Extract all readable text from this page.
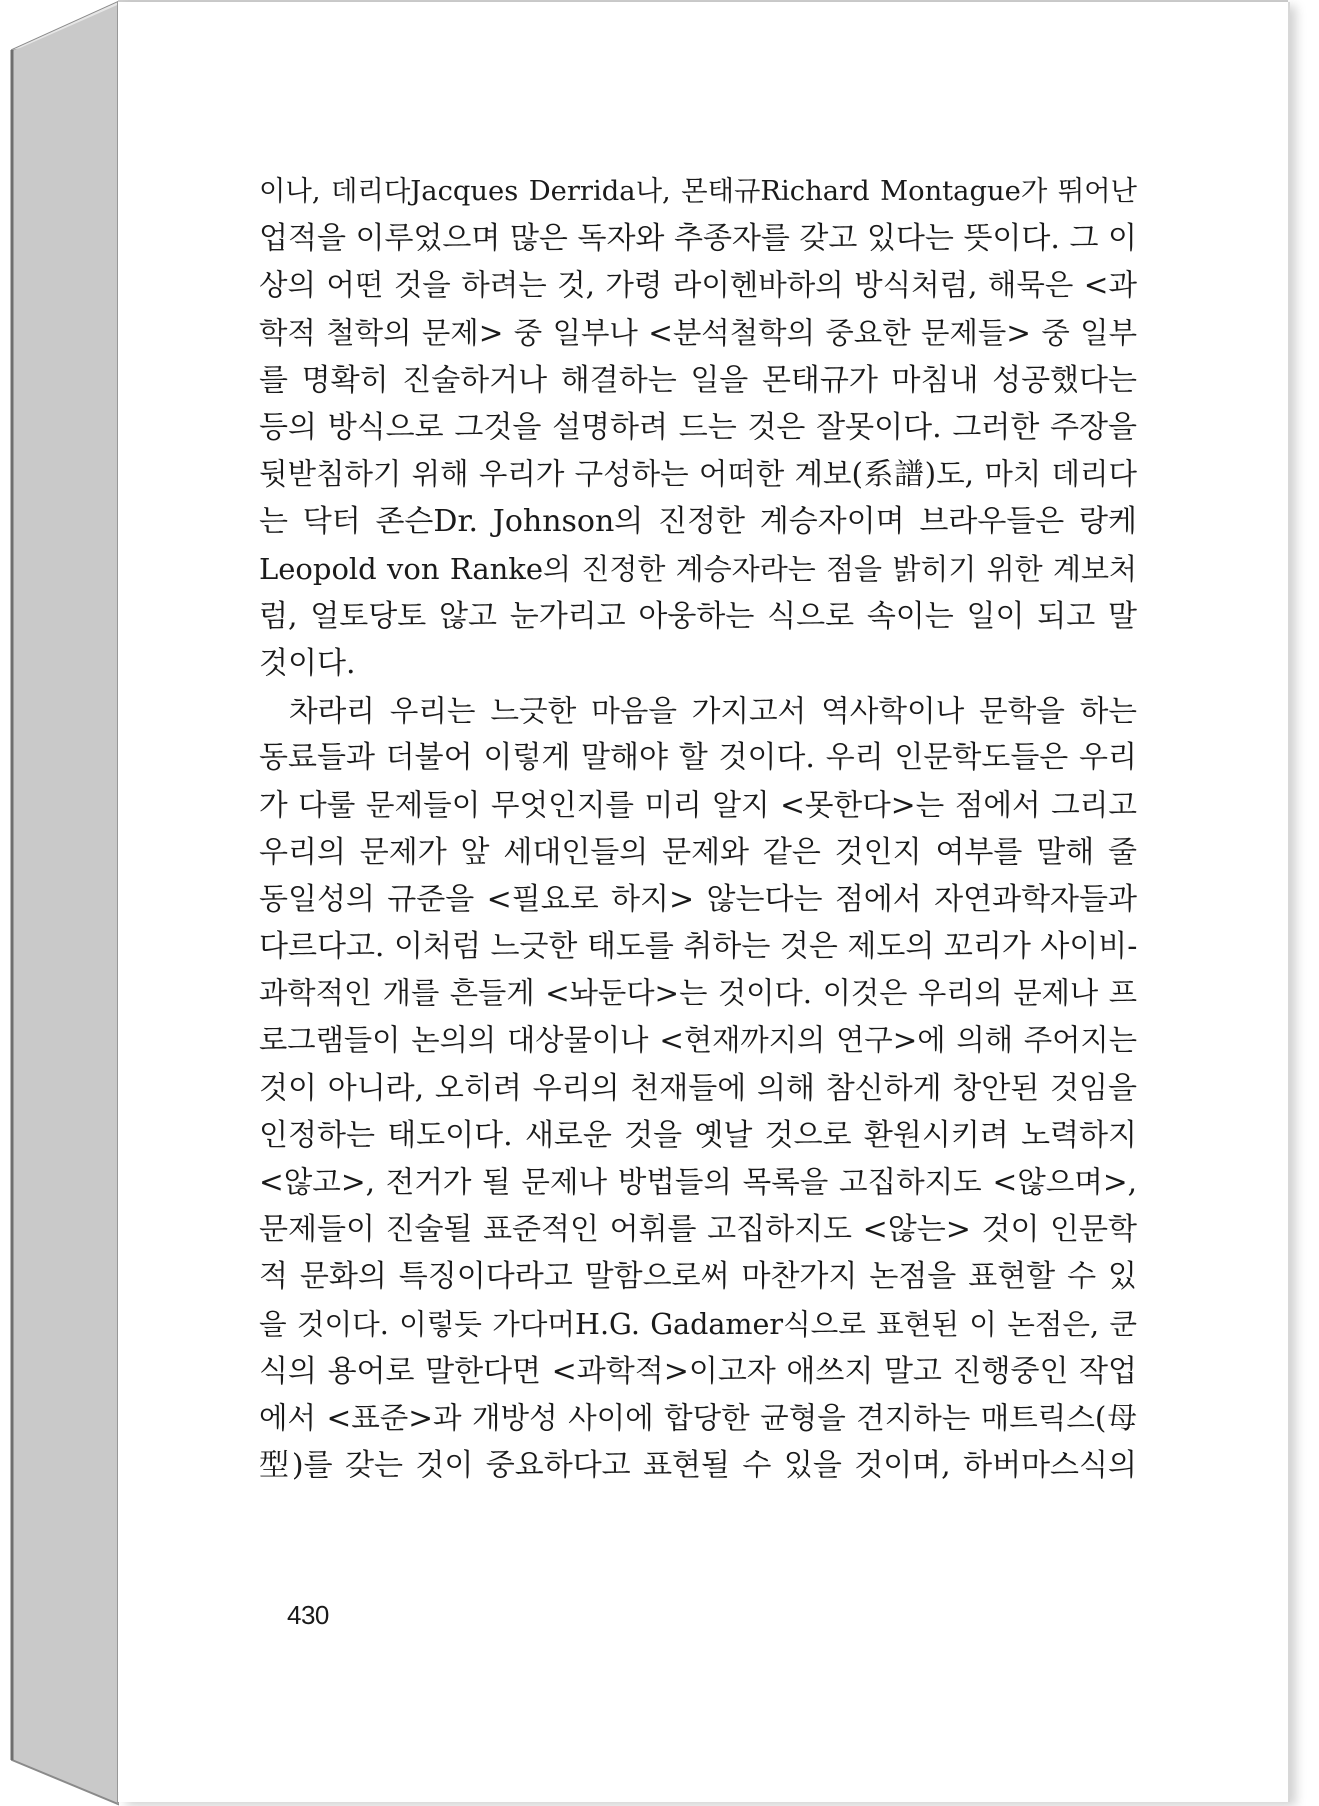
이나, 데리다Jacques Derrida나, 몬태규Richard Montague가 뛰어난
업적을 이루었으며 많은 독자와 추종자를 갖고 있다는 뜻이다. 그 이
상의 어떤 것을 하려는 것, 가령 라이헨바하의 방식처럼, 해묵은 <과
학적 철학의 문제> 중 일부나 <분석철학의 중요한 문제들> 중 일부
를 명확히 진술하거나 해결하는 일을 몬태규가 마침내 성공했다는
등의 방식으로 그것을 설명하려 드는 것은 잘못이다. 그러한 주장을
뒷받침하기 위해 우리가 구성하는 어떠한 계보(系譜)도, 마치 데리다
는 닥터 존슨Dr. Johnson의 진정한 계승자이며 브라우들은 랑케
Leopold von Ranke의 진정한 계승자라는 점을 밝히기 위한 계보처
럼, 얼토당토 않고 눈가리고 아웅하는 식으로 속이는 일이 되고 말
것이다.
차라리 우리는 느긋한 마음을 가지고서 역사학이나 문학을 하는
동료들과 더불어 이렇게 말해야 할 것이다. 우리 인문학도들은 우리
가 다룰 문제들이 무엇인지를 미리 알지 <못한다>는 점에서 그리고
우리의 문제가 앞 세대인들의 문제와 같은 것인지 여부를 말해 줄
동일성의 규준을 <필요로 하지> 않는다는 점에서 자연과학자들과
다르다고. 이처럼 느긋한 태도를 취하는 것은 제도의 꼬리가 사이비-
과학적인 개를 흔들게 <놔둔다>는 것이다. 이것은 우리의 문제나 프
로그램들이 논의의 대상물이나 <현재까지의 연구>에 의해 주어지는
것이 아니라, 오히려 우리의 천재들에 의해 참신하게 창안된 것임을
인정하는 태도이다. 새로운 것을 옛날 것으로 환원시키려 노력하지
<않고>, 전거가 될 문제나 방법들의 목록을 고집하지도 <않으며>,
문제들이 진술될 표준적인 어휘를 고집하지도 <않는> 것이 인문학
적 문화의 특징이다라고 말함으로써 마찬가지 논점을 표현할 수 있
을 것이다. 이렇듯 가다머H.G. Gadamer식으로 표현된 이 논점은, 쿤
식의 용어로 말한다면 <과학적>이고자 애쓰지 말고 진행중인 작업
에서 <표준>과 개방성 사이에 합당한 균형을 견지하는 매트릭스(母
型)를 갖는 것이 중요하다고 표현될 수 있을 것이며, 하버마스식의
430
